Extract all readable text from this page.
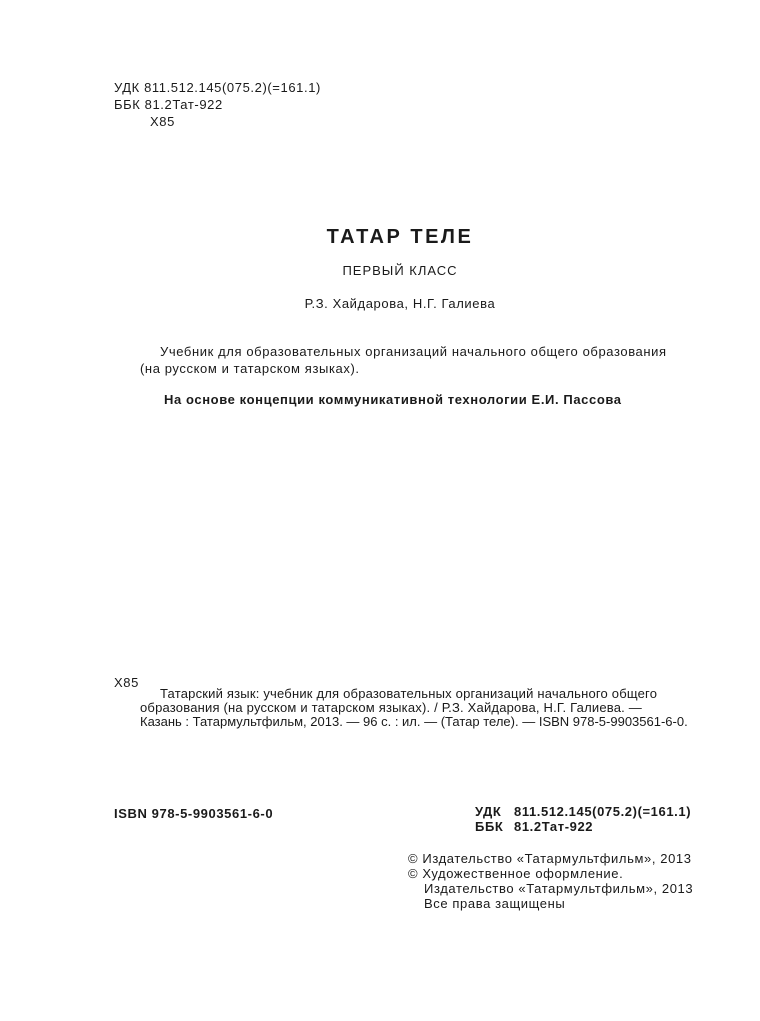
УДК 811.512.145(075.2)(=161.1)
ББК 81.2Тат-922
Х85
ТАТАР ТЕЛЕ
ПЕРВЫЙ КЛАСС
Р.З. Хайдарова, Н.Г. Галиева
Учебник для образовательных организаций начального общего образования
(на русском и татарском языках).
На основе концепции коммуникативной технологии Е.И. Пассова
Х85
Татарский язык: учебник для образовательных организаций начального общего
образования (на русском и татарском языках). / Р.З. Хайдарова, Н.Г. Галиева. —
Казань : Татармультфильм, 2013. — 96 с. : ил. — (Татар теле). — ISBN 978-5-9903561-6-0.
ISBN 978-5-9903561-6-0	УДК 811.512.145(075.2)(=161.1)
ББК 81.2Тат-922
© Издательство «Татармультфильм», 2013
© Художественное оформление.
Издательство «Татармультфильм», 2013
Все права защищены
